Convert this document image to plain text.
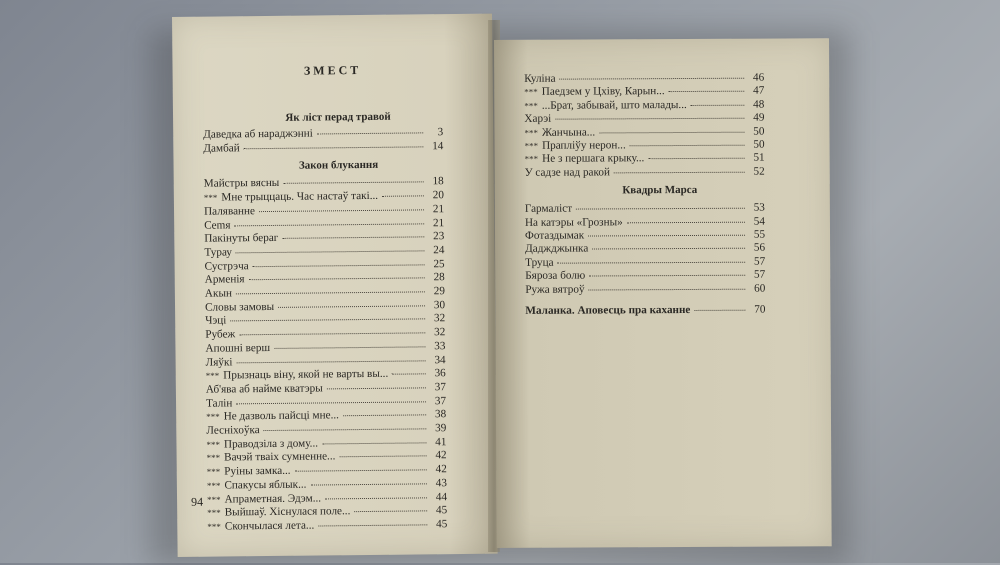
ЗМЕСТ
94
Як ліст перад травой
Даведка аб нараджэнні	3
Дамбай	14
Закон блукання
Майстры вясны	18
*** Мне трыццаць. Час настаў такі...	20
Паляванне	21
Сemя	21
Пакінуты бераг	23
Турау	24
Сустрэча	25
Арменія	28
Акын	29
Словы замовы	30
Чэці	32
Рубеж	32
Апошні верш	33
Ляўкі	34
*** Прызнаць віну, якой не варты вы...	36
Аб'ява аб найме кватэры	37
Талін	37
*** Не дазволь пайсці мне...	38
Лесніхоўка	39
*** Праводзіла з дому...	41
*** Вачэй тваіх сумненне...	42
*** Руіны замка...	42
*** Спакусы яблык...	43
*** Апраметная. Эдэм...	44
*** Выйшаў. Хіснулася поле...	45
*** Скончылася лета...	45
Куліна	46
*** Паедзем у Цхіву, Карын...	47
*** ...Брат, забывай, што малады...	48
Харэі	49
*** Жанчына...	50
*** Прапліўу нерон...	50
*** Не з першага крыку...	51
У садзе над ракой	52
Квадры Марса
Гармаліст	53
На катэры «Грозны»	54
Фотаздымак	55
Даджджынка	56
Труца	57
Бяроза болю	57
Ружа вятроў	60
Маланка. Аповесць пра каханне	70
